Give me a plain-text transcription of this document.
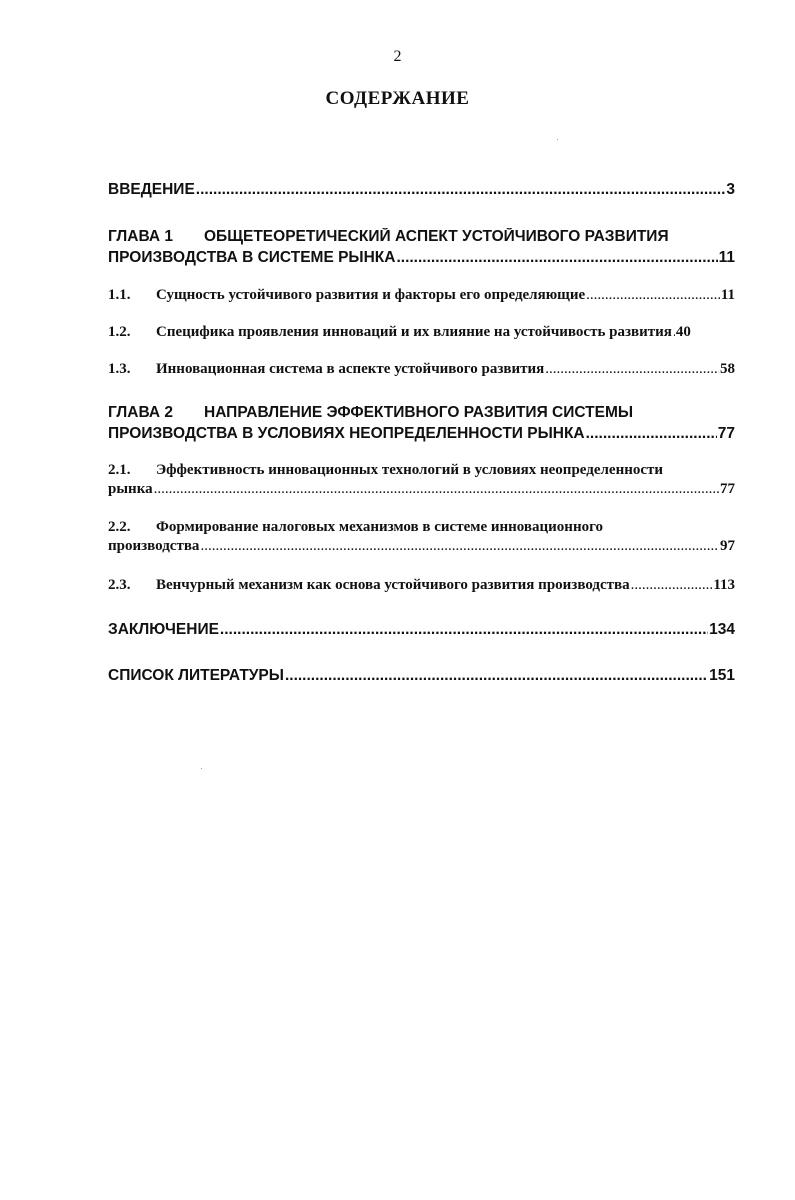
2
СОДЕРЖАНИЕ
ВВЕДЕНИЕ .....	3
ГЛАВА 1	ОБЩЕТЕОРЕТИЧЕСКИЙ АСПЕКТ УСТОЙЧИВОГО РАЗВИТИЯ
ПРОИЗВОДСТВА В СИСТЕМЕ РЫНКА .....	11
1.1.	Сущность устойчивого развития и факторы его определяющие .....	11
1.2.	Специфика проявления инноваций и их влияние на устойчивость развития ..... 40
1.3.	Инновационная система в аспекте устойчивого развития .....	58
ГЛАВА 2	НАПРАВЛЕНИЕ ЭФФЕКТИВНОГО РАЗВИТИЯ СИСТЕМЫ
ПРОИЗВОДСТВА В УСЛОВИЯХ НЕОПРЕДЕЛЕННОСТИ РЫНКА .....	77
2.1.	Эффективность инновационных технологий в условиях неопределенности
рынка .....	77
2.2.	Формирование налоговых механизмов в системе инновационного
производства .....	97
2.3.	Венчурный механизм как основа устойчивого развития производства .....	113
ЗАКЛЮЧЕНИЕ .....	134
СПИСОК ЛИТЕРАТУРЫ .....	151
